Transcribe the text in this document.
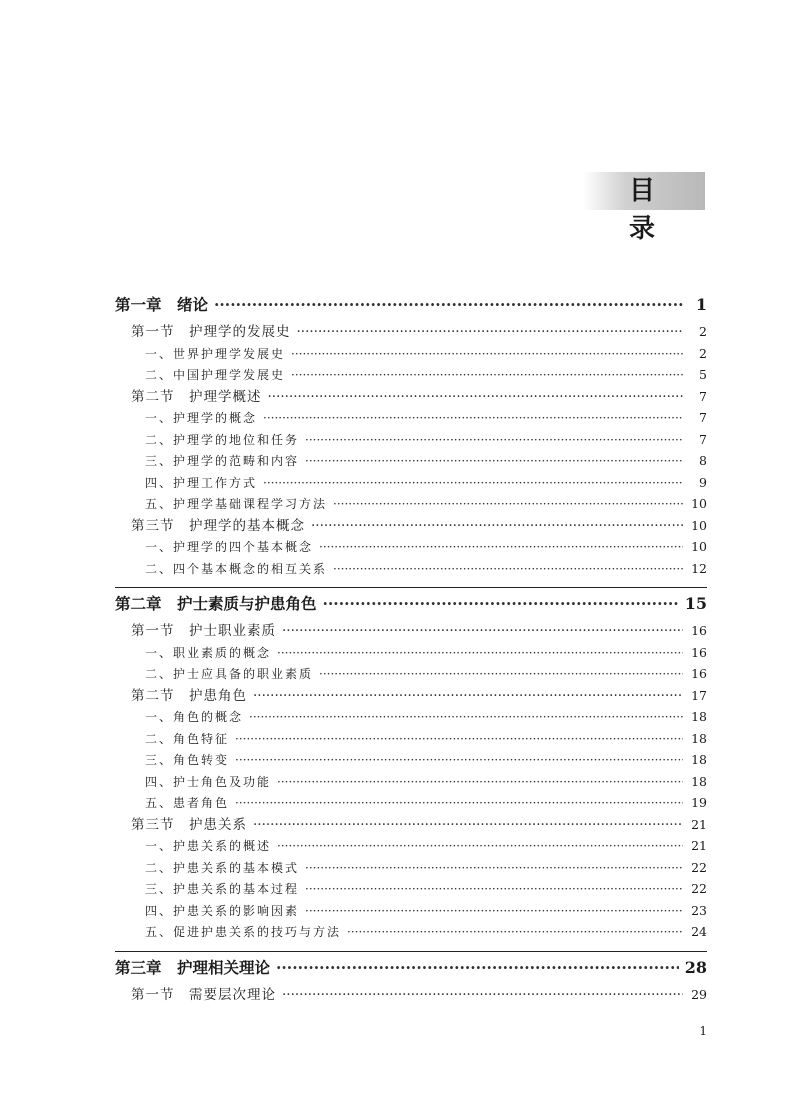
目 录
第一章　绪论 ·····	1
第一节　护理学的发展史 ·····	2
一、世界护理学发展史 ·····	2
二、中国护理学发展史 ·····	5
第二节　护理学概述 ·····	7
一、护理学的概念 ·····	7
二、护理学的地位和任务 ·····	7
三、护理学的范畴和内容 ·····	8
四、护理工作方式 ·····	9
五、护理学基础课程学习方法 ·····	10
第三节　护理学的基本概念 ·····	10
一、护理学的四个基本概念 ·····	10
二、四个基本概念的相互关系 ·····	12
第二章　护士素质与护患角色 ·····	15
第一节　护士职业素质 ·····	16
一、职业素质的概念 ·····	16
二、护士应具备的职业素质 ·····	16
第二节　护患角色 ·····	17
一、角色的概念 ·····	18
二、角色特征 ·····	18
三、角色转变 ·····	18
四、护士角色及功能 ·····	18
五、患者角色 ·····	19
第三节　护患关系 ·····	21
一、护患关系的概述 ·····	21
二、护患关系的基本模式 ·····	22
三、护患关系的基本过程 ·····	22
四、护患关系的影响因素 ·····	23
五、促进护患关系的技巧与方法 ·····	24
第三章　护理相关理论 ·····	28
第一节　需要层次理论 ·····	29
1
